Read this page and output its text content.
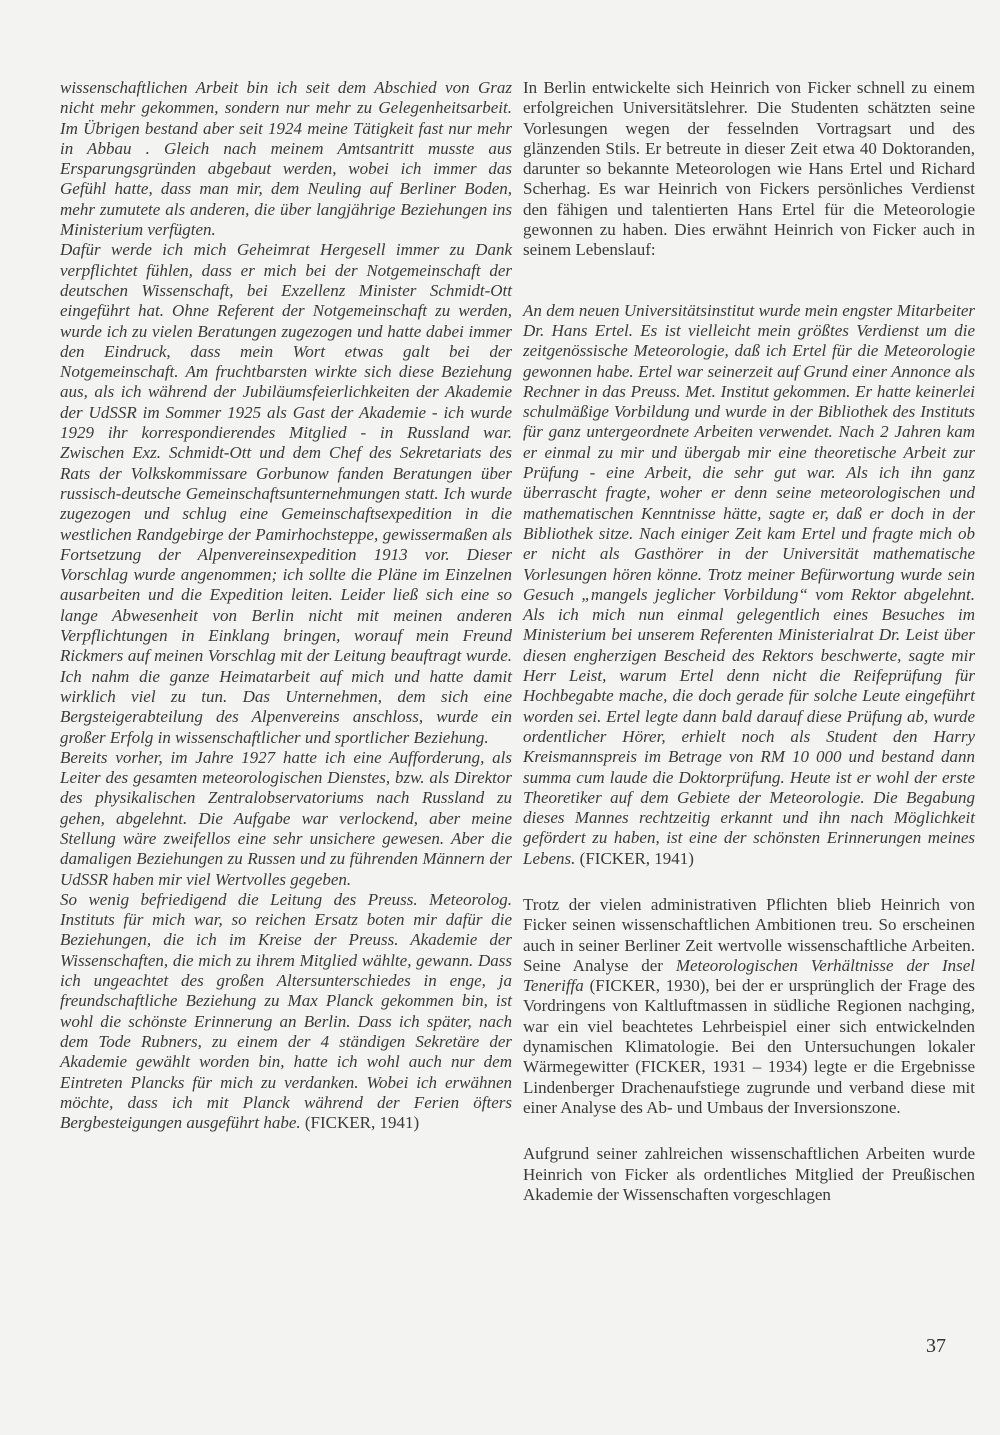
wissenschaftlichen Arbeit bin ich seit dem Abschied von Graz nicht mehr gekommen, sondern nur mehr zu Gelegenheitsarbeit. Im Übrigen bestand aber seit 1924 meine Tätigkeit fast nur mehr in Abbau . Gleich nach meinem Amtsantritt musste aus Ersparungsgründen abgebaut werden, wobei ich immer das Gefühl hatte, dass man mir, dem Neuling auf Berliner Boden, mehr zumutete als anderen, die über langjährige Beziehungen ins Ministerium verfügten.

Dafür werde ich mich Geheimrat Hergesell immer zu Dank verpflichtet fühlen, dass er mich bei der Notgemeinschaft der deutschen Wissenschaft, bei Exzellenz Minister Schmidt-Ott eingeführt hat. Ohne Referent der Notgemeinschaft zu werden, wurde ich zu vielen Beratungen zugezogen und hatte dabei immer den Eindruck, dass mein Wort etwas galt bei der Notgemeinschaft. Am fruchtbarsten wirkte sich diese Beziehung aus, als ich während der Jubiläumsfeierlichkeiten der Akademie der UdSSR im Sommer 1925 als Gast der Akademie - ich wurde 1929 ihr korrespondierendes Mitglied - in Russland war. Zwischen Exz. Schmidt-Ott und dem Chef des Sekretariats des Rats der Volkskommissare Gorbunow fanden Beratungen über russisch-deutsche Gemeinschaftsunternehmungen statt. Ich wurde zugezogen und schlug eine Gemeinschaftsexpedition in die westlichen Randgebirge der Pamirhochsteppe, gewissermaßen als Fortsetzung der Alpenvereinsexpedition 1913 vor. Dieser Vorschlag wurde angenommen; ich sollte die Pläne im Einzelnen ausarbeiten und die Expedition leiten. Leider ließ sich eine so lange Abwesenheit von Berlin nicht mit meinen anderen Verpflichtungen in Einklang bringen, worauf mein Freund Rickmers auf meinen Vorschlag mit der Leitung beauftragt wurde. Ich nahm die ganze Heimatarbeit auf mich und hatte damit wirklich viel zu tun. Das Unternehmen, dem sich eine Bergsteigerabteilung des Alpenvereins anschloss, wurde ein großer Erfolg in wissenschaftlicher und sportlicher Beziehung.

Bereits vorher, im Jahre 1927 hatte ich eine Aufforderung, als Leiter des gesamten meteorologischen Dienstes, bzw. als Direktor des physikalischen Zentralobservatoriums nach Russland zu gehen, abgelehnt. Die Aufgabe war verlockend, aber meine Stellung wäre zweifellos eine sehr unsichere gewesen. Aber die damaligen Beziehungen zu Russen und zu führenden Männern der UdSSR haben mir viel Wertvolles gegeben.

So wenig befriedigend die Leitung des Preuss. Meteorolog. Instituts für mich war, so reichen Ersatz boten mir dafür die Beziehungen, die ich im Kreise der Preuss. Akademie der Wissenschaften, die mich zu ihrem Mitglied wählte, gewann. Dass ich ungeachtet des großen Altersunterschiedes in enge, ja freundschaftliche Beziehung zu Max Planck gekommen bin, ist wohl die schönste Erinnerung an Berlin. Dass ich später, nach dem Tode Rubners, zu einem der 4 ständigen Sekretäre der Akademie gewählt worden bin, hatte ich wohl auch nur dem Eintreten Plancks für mich zu verdanken. Wobei ich erwähnen möchte, dass ich mit Planck während der Ferien öfters Bergbesteigungen ausgeführt habe. (FICKER, 1941)

In Berlin entwickelte sich Heinrich von Ficker schnell zu einem erfolgreichen Universitätslehrer. Die Studenten schätzten seine Vorlesungen wegen der fesselnden Vortragsart und des glänzenden Stils. Er betreute in dieser Zeit etwa 40 Doktoranden, darunter so bekannte Meteorologen wie Hans Ertel und Richard Scherhag. Es war Heinrich von Fickers persönliches Verdienst den fähigen und talentierten Hans Ertel für die Meteorologie gewonnen zu haben. Dies erwähnt Heinrich von Ficker auch in seinem Lebenslauf:

An dem neuen Universitätsinstitut wurde mein engster Mitarbeiter Dr. Hans Ertel. Es ist vielleicht mein größtes Verdienst um die zeitgenössische Meteorologie, daß ich Ertel für die Meteorologie gewonnen habe. Ertel war seinerzeit auf Grund einer Annonce als Rechner in das Preuss. Met. Institut gekommen. Er hatte keinerlei schulmäßige Vorbildung und wurde in der Bibliothek des Instituts für ganz untergeordnete Arbeiten verwendet. Nach 2 Jahren kam er einmal zu mir und übergab mir eine theoretische Arbeit zur Prüfung - eine Arbeit, die sehr gut war. Als ich ihn ganz überrascht fragte, woher er denn seine meteorologischen und mathematischen Kenntnisse hätte, sagte er, daß er doch in der Bibliothek sitze. Nach einiger Zeit kam Ertel und fragte mich ob er nicht als Gasthörer in der Universität mathematische Vorlesungen hören könne. Trotz meiner Befürwortung wurde sein Gesuch „mangels jeglicher Vorbildung“ vom Rektor abgelehnt. Als ich mich nun einmal gelegentlich eines Besuches im Ministerium bei unserem Referenten Ministerialrat Dr. Leist über diesen engherzigen Bescheid des Rektors beschwerte, sagte mir Herr Leist, warum Ertel denn nicht die Reifeprüfung für Hochbegabte mache, die doch gerade für solche Leute eingeführt worden sei. Ertel legte dann bald darauf diese Prüfung ab, wurde ordentlicher Hörer, erhielt noch als Student den Harry Kreismannspreis im Betrage von RM 10 000 und bestand dann summa cum laude die Doktorprüfung. Heute ist er wohl der erste Theoretiker auf dem Gebiete der Meteorologie. Die Begabung dieses Mannes rechtzeitig erkannt und ihn nach Möglichkeit gefördert zu haben, ist eine der schönsten Erinnerungen meines Lebens. (FICKER, 1941)

Trotz der vielen administrativen Pflichten blieb Heinrich von Ficker seinen wissenschaftlichen Ambitionen treu. So erscheinen auch in seiner Berliner Zeit wertvolle wissenschaftliche Arbeiten. Seine Analyse der Meteorologischen Verhältnisse der Insel Teneriffa (FICKER, 1930), bei der er ursprünglich der Frage des Vordringens von Kaltluftmassen in südliche Regionen nachging, war ein viel beachtetes Lehrbeispiel einer sich entwickelnden dynamischen Klimatologie. Bei den Untersuchungen lokaler Wärmegewitter (FICKER, 1931 – 1934) legte er die Ergebnisse Lindenberger Drachenaufstiege zugrunde und verband diese mit einer Analyse des Ab- und Umbaus der Inversionszone.

Aufgrund seiner zahlreichen wissenschaftlichen Arbeiten wurde Heinrich von Ficker als ordentliches Mitglied der Preußischen Akademie der Wissenschaften vorgeschlagen

37
